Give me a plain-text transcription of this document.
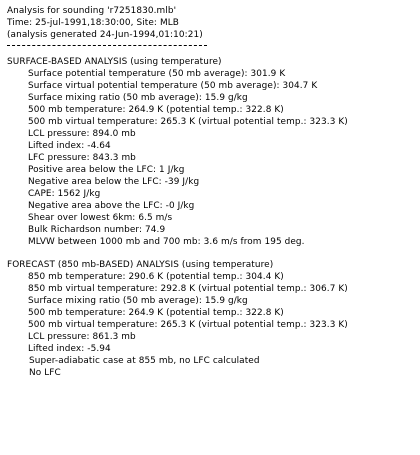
Analysis for sounding 'r7251830.mlb'
Time: 25-jul-1991,18:30:00, Site: MLB
(analysis generated 24-Jun-1994,01:10:21)
SURFACE-BASED ANALYSIS (using temperature)
Surface potential temperature (50 mb average): 301.9 K
Surface virtual potential temperature (50 mb average): 304.7 K
Surface mixing ratio (50 mb average): 15.9 g/kg
500 mb temperature: 264.9 K (potential temp.: 322.8 K)
500 mb virtual temperature: 265.3 K (virtual potential temp.: 323.3 K)
LCL pressure: 894.0 mb
Lifted index: -4.64
LFC pressure: 843.3 mb
Positive area below the LFC: 1 J/kg
Negative area below the LFC: -39 J/kg
CAPE: 1562 J/kg
Negative area above the LFC: -0 J/kg
Shear over lowest 6km: 6.5 m/s
Bulk Richardson number: 74.9
MLVW between 1000 mb and 700 mb: 3.6 m/s from 195 deg.
FORECAST (850 mb-BASED) ANALYSIS (using temperature)
850 mb temperature: 290.6 K (potential temp.: 304.4 K)
850 mb virtual temperature: 292.8 K (virtual potential temp.: 306.7 K)
Surface mixing ratio (50 mb average): 15.9 g/kg
500 mb temperature: 264.9 K (potential temp.: 322.8 K)
500 mb virtual temperature: 265.3 K (virtual potential temp.: 323.3 K)
LCL pressure: 861.3 mb
Lifted index: -5.94
Super-adiabatic case at 855 mb, no LFC calculated
No LFC
